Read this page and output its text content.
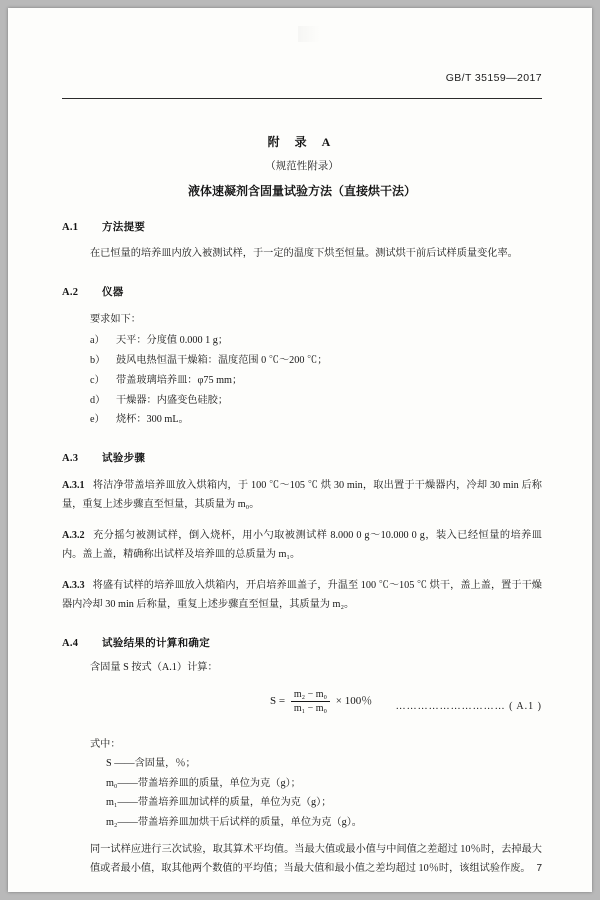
GB/T 35159—2017
附 录 A
（规范性附录）
液体速凝剂含固量试验方法（直接烘干法）
A.1 方法提要
在已恒量的培养皿内放入被测试样，于一定的温度下烘至恒量。测试烘干前后试样质量变化率。
A.2 仪器
要求如下：
a） 天平：分度值 0.000 1 g；
b） 鼓风电热恒温干燥箱：温度范围 0 ℃～200 ℃；
c） 带盖玻璃培养皿：φ75 mm；
d） 干燥器：内盛变色硅胶；
e） 烧杯：300 mL。
A.3 试验步骤
A.3.1 将洁净带盖培养皿放入烘箱内，于 100 ℃～105 ℃ 烘 30 min，取出置于干燥器内，冷却 30 min 后称量，重复上述步骤直至恒量，其质量为 m₀。
A.3.2 充分摇匀被测试样，倒入烧杯，用小勺取被测试样 8.000 0 g～10.000 0 g，装入已经恒量的培养皿内。盖上盖，精确称出试样及培养皿的总质量为 m₁。
A.3.3 将盛有试样的培养皿放入烘箱内，开启培养皿盖子，升温至 100 ℃～105 ℃ 烘干，盖上盖，置于干燥器内冷却 30 min 后称量，重复上述步骤直至恒量，其质量为 m₂。
A.4 试验结果的计算和确定
含固量 S 按式（A.1）计算：
$S = \frac{\text{m₂ − m₀}}{\text{m₁ − m₀}} \times 100$％ ………………………… ( A.1 )
式中：
S ——含固量，％；
m₀——带盖培养皿的质量，单位为克（g）；
m₁——带盖培养皿加试样的质量，单位为克（g）；
m₂——带盖培养皿加烘干后试样的质量，单位为克（g）。
同一试样应进行三次试验，取其算术平均值。当最大值或最小值与中间值之差超过 10％时，去掉最大值或者最小值，取其他两个数值的平均值；当最大值和最小值之差均超过 10％时，该组试验作废。 7
